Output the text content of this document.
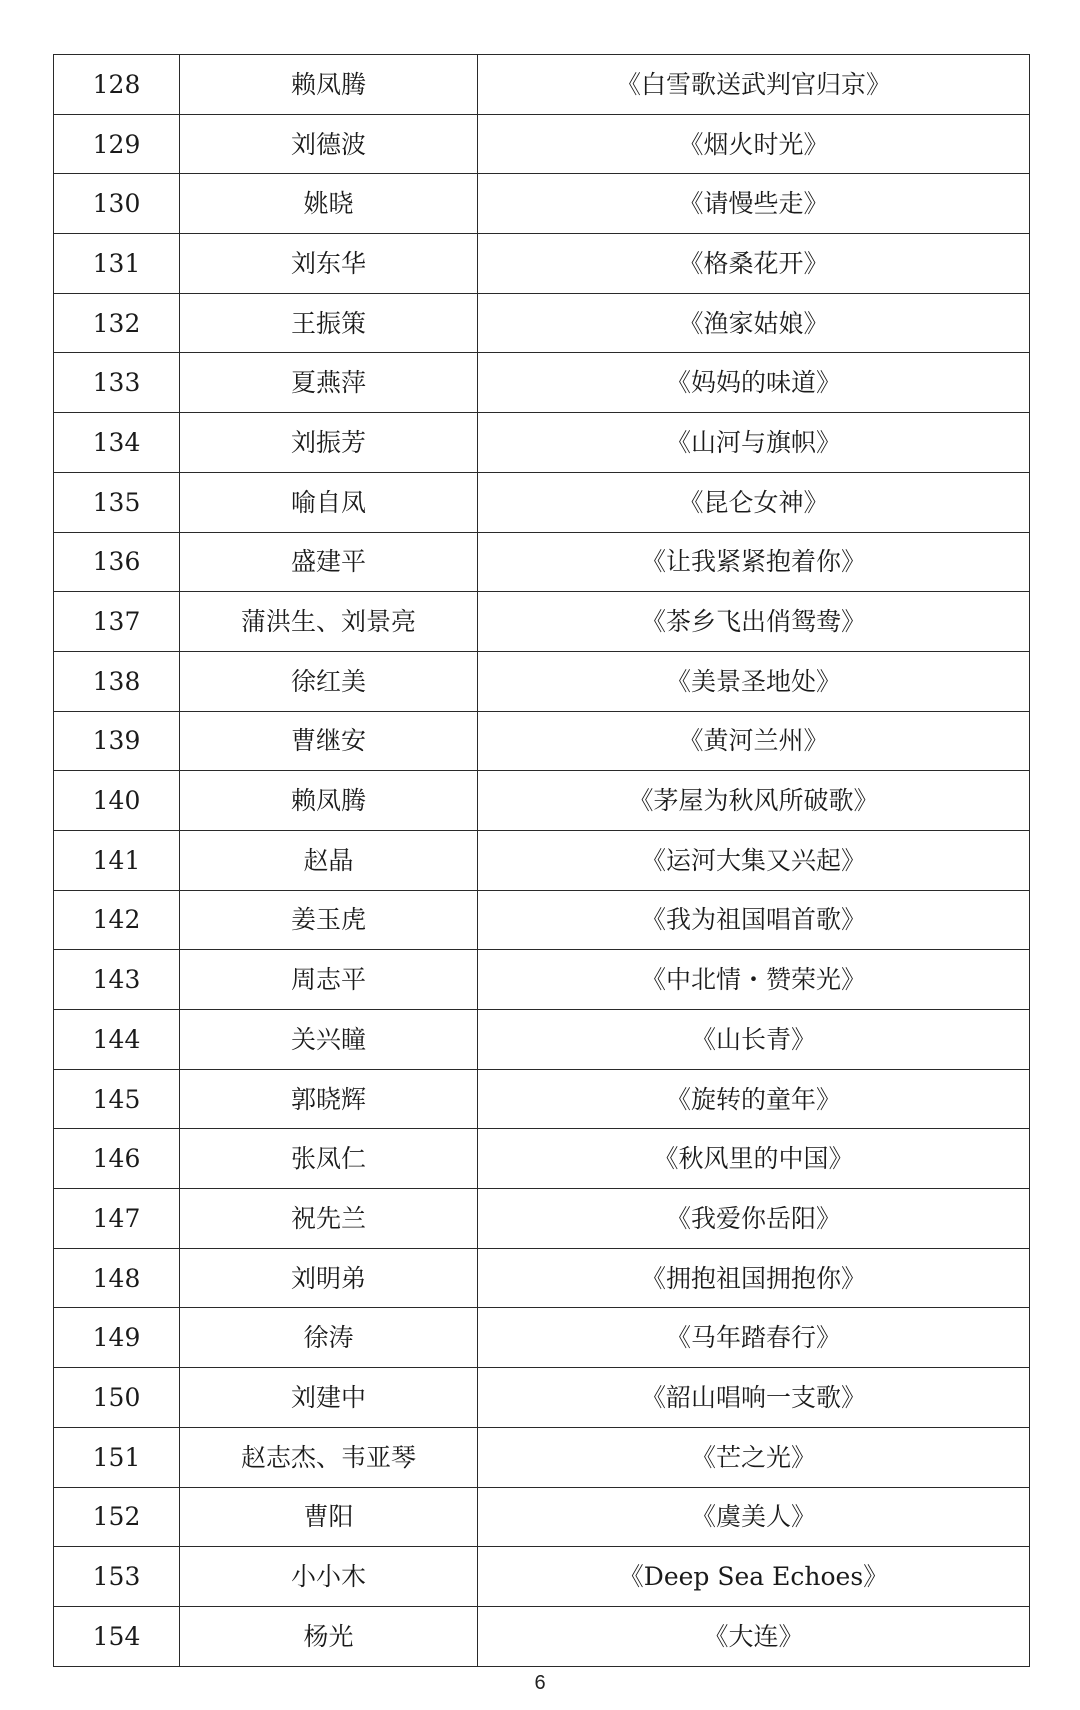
128	赖凤腾	《白雪歌送武判官归京》
129	刘德波	《烟火时光》
130	姚晓	《请慢些走》
131	刘东华	《格桑花开》
132	王振策	《渔家姑娘》
133	夏燕萍	《妈妈的味道》
134	刘振芳	《山河与旗帜》
135	喻自凤	《昆仑女神》
136	盛建平	《让我紧紧抱着你》
137	蒲洪生、刘景亮	《茶乡飞出俏鸳鸯》
138	徐红美	《美景圣地处》
139	曹继安	《黄河兰州》
140	赖凤腾	《茅屋为秋风所破歌》
141	赵晶	《运河大集又兴起》
142	姜玉虎	《我为祖国唱首歌》
143	周志平	《中北情・赞荣光》
144	关兴瞳	《山长青》
145	郭晓辉	《旋转的童年》
146	张凤仁	《秋风里的中国》
147	祝先兰	《我爱你岳阳》
148	刘明弟	《拥抱祖国拥抱你》
149	徐涛	《马年踏春行》
150	刘建中	《韶山唱响一支歌》
151	赵志杰、韦亚琴	《芒之光》
152	曹阳	《虞美人》
153	小小木	《Deep Sea Echoes》
154	杨光	《大连》
6
